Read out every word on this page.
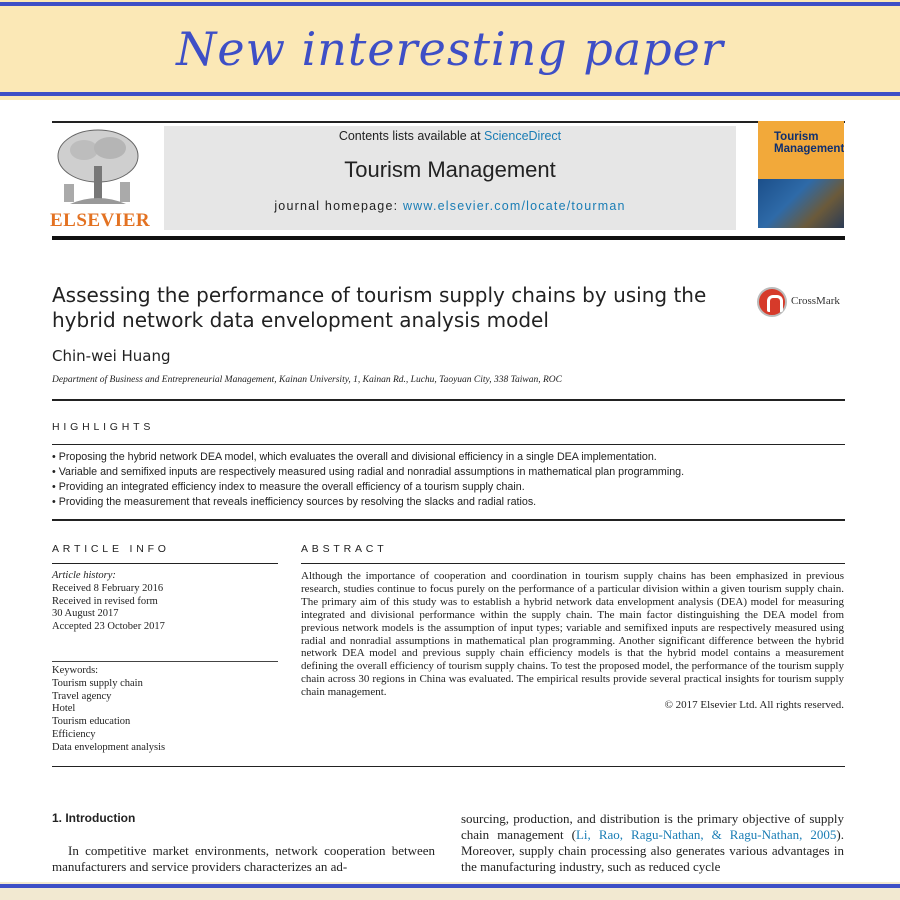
New interesting paper
ELSEVIER
Contents lists available at ScienceDirect
Tourism Management
journal homepage: www.elsevier.com/locate/tourman
Tourism
Management
Assessing the performance of tourism supply chains by using the hybrid network data envelopment analysis model
CrossMark
Chin-wei Huang
Department of Business and Entrepreneurial Management, Kainan University, 1, Kainan Rd., Luchu, Taoyuan City, 338 Taiwan, ROC
HIGHLIGHTS
• Proposing the hybrid network DEA model, which evaluates the overall and divisional efficiency in a single DEA implementation.
• Variable and semifixed inputs are respectively measured using radial and nonradial assumptions in mathematical plan programming.
• Providing an integrated efficiency index to measure the overall efficiency of a tourism supply chain.
• Providing the measurement that reveals inefficiency sources by resolving the slacks and radial ratios.
ARTICLE INFO
Article history:
Received 8 February 2016
Received in revised form
30 August 2017
Accepted 23 October 2017
Keywords:
Tourism supply chain
Travel agency
Hotel
Tourism education
Efficiency
Data envelopment analysis
ABSTRACT
Although the importance of cooperation and coordination in tourism supply chains has been emphasized in previous research, studies continue to focus purely on the performance of a particular division within a given tourism supply chain. The primary aim of this study was to establish a hybrid network data envelopment analysis (DEA) model for measuring integrated and divisional performance within the supply chain. The main factor distinguishing the DEA model from previous network models is the assumption of input types; variable and semifixed inputs are respectively measured using radial and nonradial assumptions in mathematical plan programming. Another significant difference between the hybrid network DEA model and previous supply chain efficiency models is that the hybrid model contains a measurement defining the overall efficiency of tourism supply chains. To test the proposed model, the performance of the tourism supply chain across 30 regions in China was evaluated. The empirical results provide several practical insights for tourism supply chain management.
© 2017 Elsevier Ltd. All rights reserved.
1. Introduction
In competitive market environments, network cooperation between manufacturers and service providers characterizes an ad-
sourcing, production, and distribution is the primary objective of supply chain management (Li, Rao, Ragu-Nathan, & Ragu-Nathan, 2005). Moreover, supply chain processing also generates various advantages in the manufacturing industry, such as reduced cycle
